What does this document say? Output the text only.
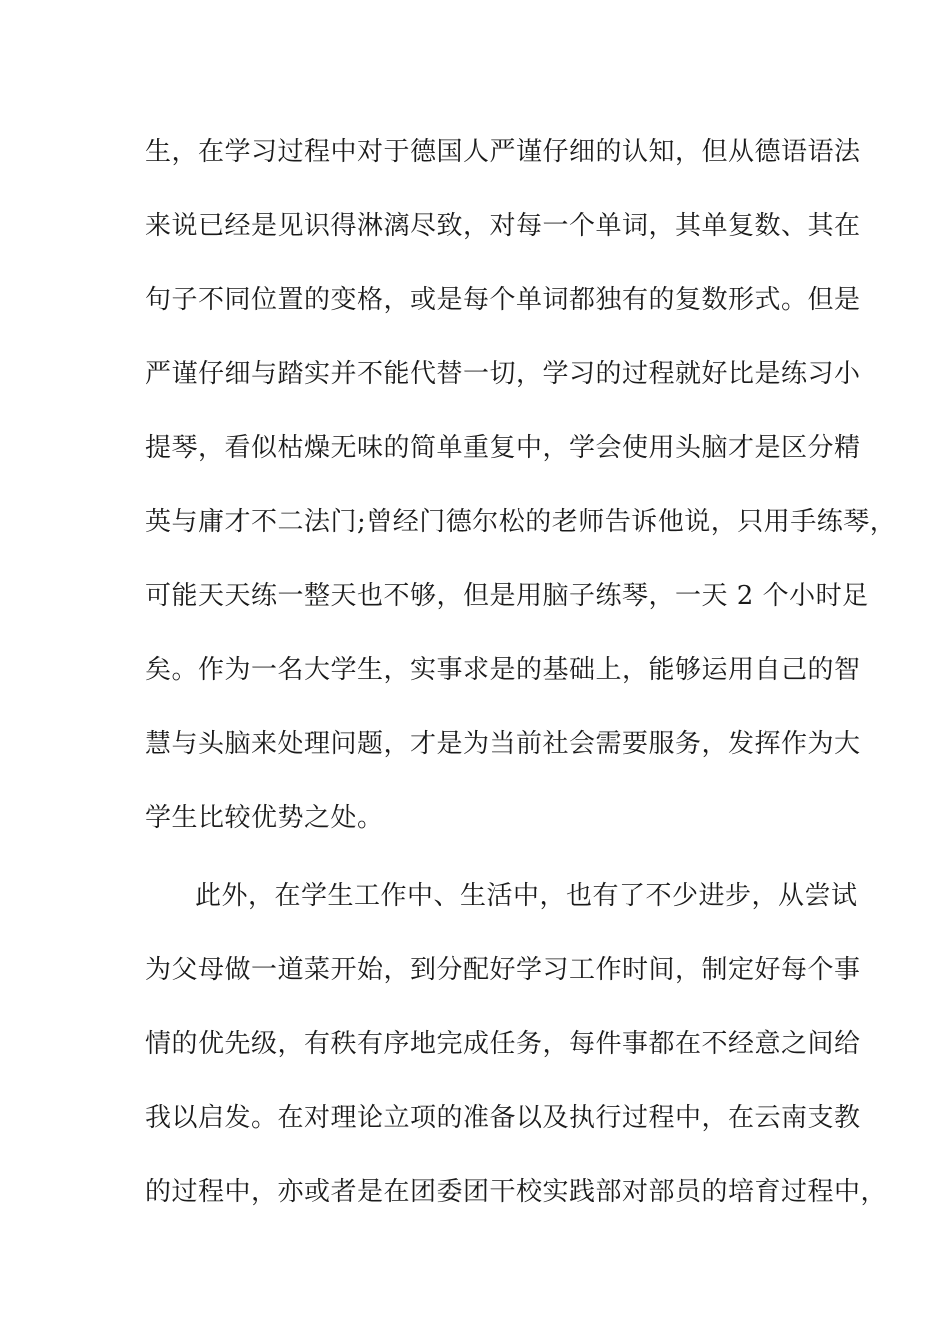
生，在学习过程中对于德国人严谨仔细的认知，但从德语语法
来说已经是见识得淋漓尽致，对每一个单词，其单复数、其在
句子不同位置的变格，或是每个单词都独有的复数形式。但是
严谨仔细与踏实并不能代替一切，学习的过程就好比是练习小
提琴，看似枯燥无味的简单重复中，学会使用头脑才是区分精
英与庸才不二法门;曾经门德尔松的老师告诉他说，只用手练琴，
可能天天练一整天也不够，但是用脑子练琴，一天 2 个小时足
矣。作为一名大学生，实事求是的基础上，能够运用自己的智
慧与头脑来处理问题，才是为当前社会需要服务，发挥作为大
学生比较优势之处。
此外，在学生工作中、生活中，也有了不少进步，从尝试
为父母做一道菜开始，到分配好学习工作时间，制定好每个事
情的优先级，有秩有序地完成任务，每件事都在不经意之间给
我以启发。在对理论立项的准备以及执行过程中，在云南支教
的过程中，亦或者是在团委团干校实践部对部员的培育过程中，
